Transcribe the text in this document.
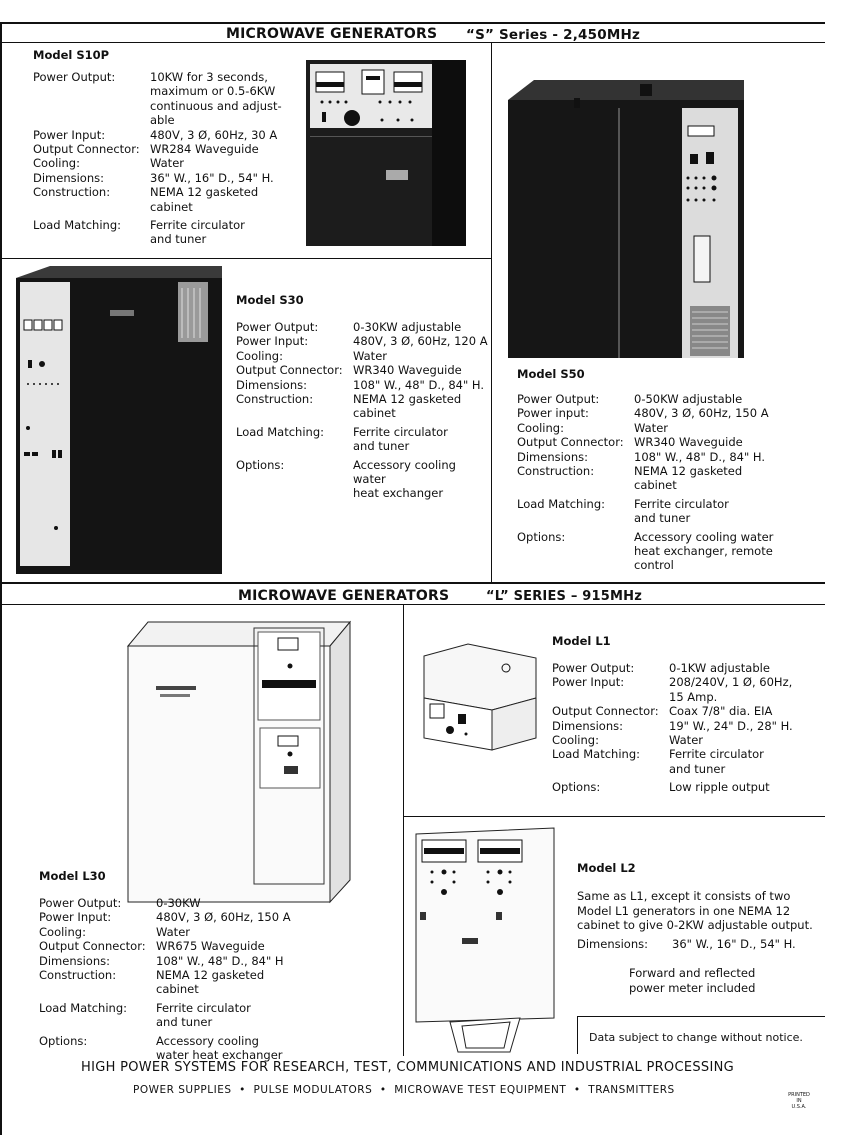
MICROWAVE GENERATORS “S” Series - 2,450MHz
Model S10P
Power Output:	10KW for 3 seconds,
maximum or 0.5-6KW
continuous and adjust-
able
Power Input:	480V, 3 Ø, 60Hz, 30 A
Output Connector: WR284 Waveguide
Cooling:	Water
Dimensions:	36" W., 16" D., 54" H.
Construction:	NEMA 12 gasketed
cabinet
Load Matching:	Ferrite circulator
and tuner
Model S30
Power Output:	0-30KW adjustable
Power Input:	480V, 3 Ø, 60Hz, 120 A
Cooling:	Water
Output Connector: WR340 Waveguide
Dimensions:	108" W., 48" D., 84" H.
Construction:	NEMA 12 gasketed
cabinet
Load Matching:	Ferrite circulator
and tuner
Options:	Accessory cooling water
heat exchanger
Model S50
Power Output:	0-50KW adjustable
Power input:	480V, 3 Ø, 60Hz, 150 A
Cooling:	Water
Output Connector: WR340 Waveguide
Dimensions:	108" W., 48" D., 84" H.
Construction:	NEMA 12 gasketed
cabinet
Load Matching:	Ferrite circulator
and tuner
Options:	Accessory cooling water
heat exchanger, remote
control
MICROWAVE GENERATORS	“L” SERIES – 915MHz
Model L30
Power Output:	0-30KW
Power Input:	480V, 3 Ø, 60Hz, 150 A
Cooling:	Water
Output Connector: WR675 Waveguide
Dimensions:	108" W., 48" D., 84" H
Construction:	NEMA 12 gasketed
cabinet
Load Matching:	Ferrite circulator
and tuner
Options:	Accessory cooling
water heat exchanger
Model L1
Power Output:	0-1KW adjustable
Power Input:	208/240V, 1 Ø, 60Hz,
15 Amp.
Output Connector: Coax 7/8" dia. EIA
Dimensions:	19" W., 24" D., 28" H.
Cooling:	Water
Load Matching:	Ferrite circulator
and tuner
Options:	Low ripple output
Model L2
Same as L1, except it consists of two
Model L1 generators in one NEMA 12
cabinet to give 0-2KW adjustable output.
Dimensions: 36" W., 16" D., 54" H.
Forward and reflected
power meter included
Data subject to change without notice.
HIGH POWER SYSTEMS FOR RESEARCH, TEST, COMMUNICATIONS AND INDUSTRIAL PROCESSING
POWER SUPPLIES  •  PULSE MODULATORS  •  MICROWAVE TEST EQUIPMENT  •  TRANSMITTERS	PRINTED
IN
U.S.A.
